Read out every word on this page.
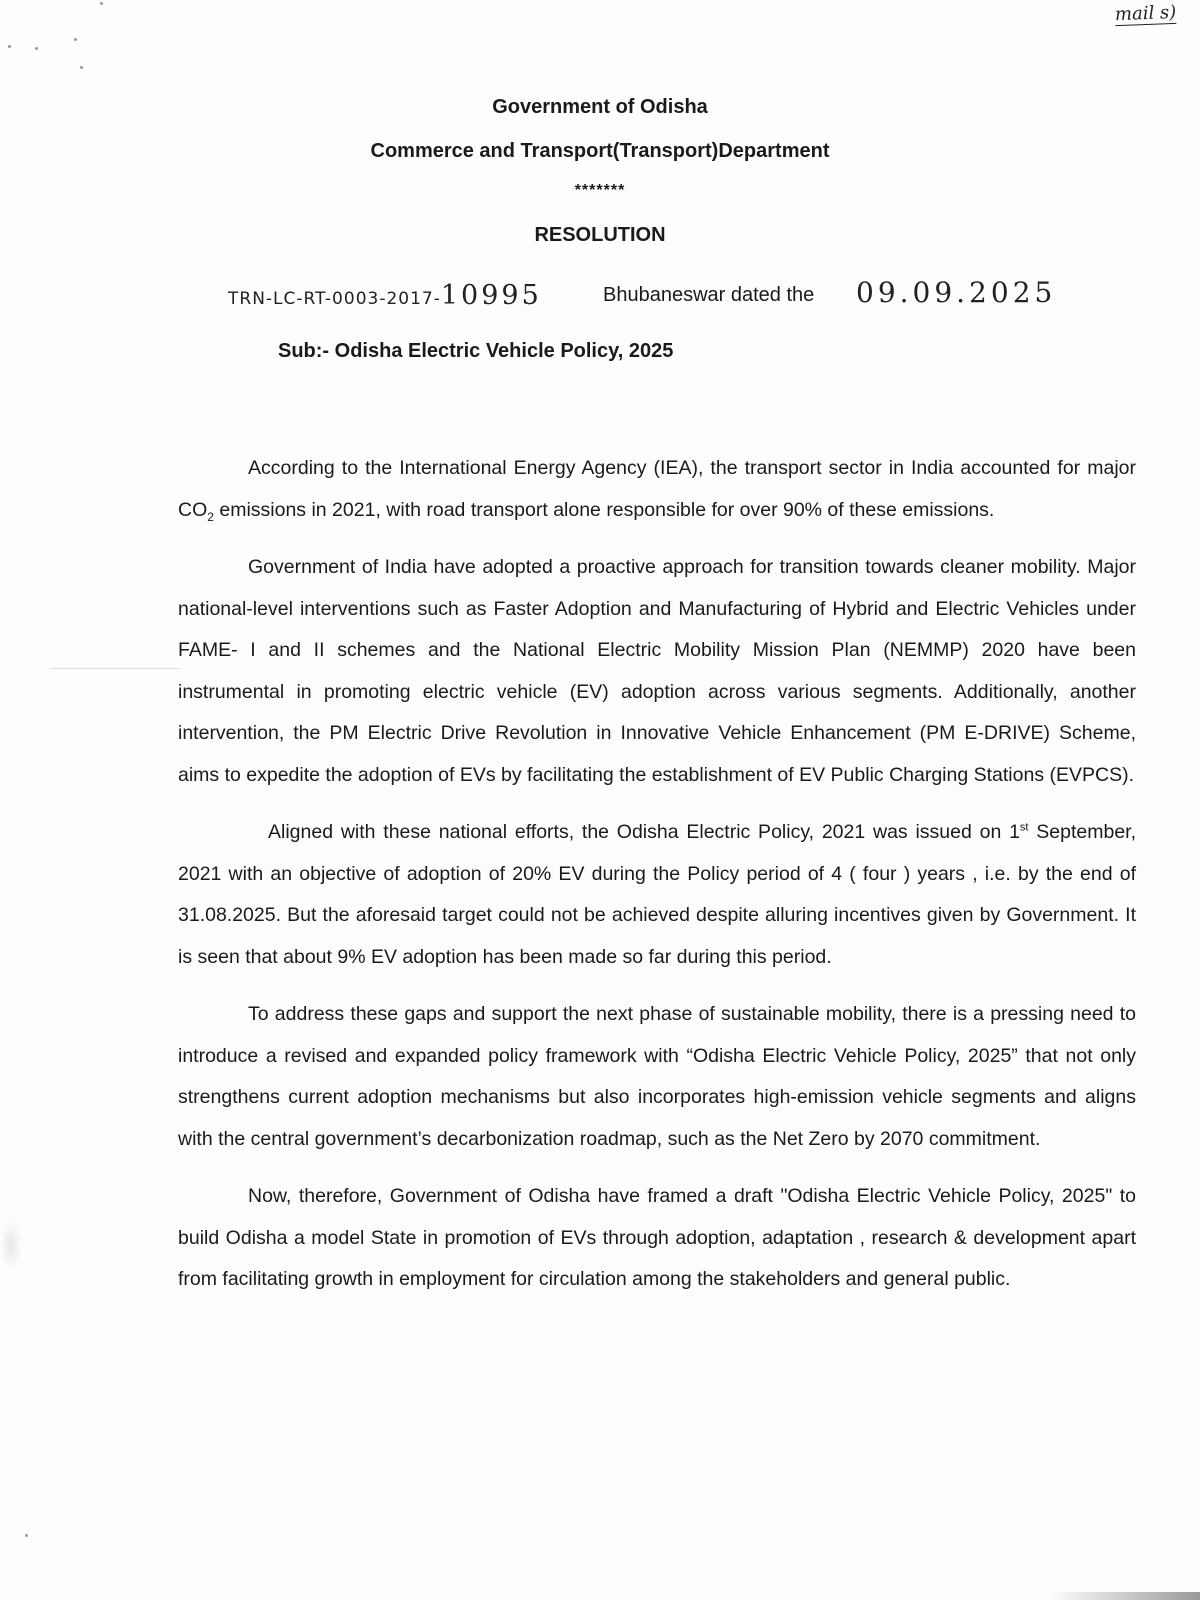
mail s)
Government of Odisha
Commerce and Transport(Transport)Department
*******
RESOLUTION
TRN-LC-RT-0003-2017-10995	Bhubaneswar dated the 09.09.2025
Sub:- Odisha Electric Vehicle Policy, 2025

According to the International Energy Agency (IEA), the transport sector in India accounted for major $CO_2$ emissions in 2021, with road transport alone responsible for over 90% of these emissions.

Government of India have adopted a proactive approach for transition towards cleaner mobility. Major national-level interventions such as Faster Adoption and Manufacturing of Hybrid and Electric Vehicles under FAME- I and II schemes and the National Electric Mobility Mission Plan (NEMMP) 2020 have been instrumental in promoting electric vehicle (EV) adoption across various segments. Additionally, another intervention, the PM Electric Drive Revolution in Innovative Vehicle Enhancement (PM E-DRIVE) Scheme, aims to expedite the adoption of EVs by facilitating the establishment of EV Public Charging Stations (EVPCS).

Aligned with these national efforts, the Odisha Electric Policy, 2021 was issued on 1st September, 2021 with an objective of adoption of 20% EV during the Policy period of 4 ( four ) years , i.e. by the end of 31.08.2025. But the aforesaid target could not be achieved despite alluring incentives given by Government. It is seen that about 9% EV adoption has been made so far during this period.

To address these gaps and support the next phase of sustainable mobility, there is a pressing need to introduce a revised and expanded policy framework with “Odisha Electric Vehicle Policy, 2025” that not only strengthens current adoption mechanisms but also incorporates high-emission vehicle segments and aligns with the central government’s decarbonization roadmap, such as the Net Zero by 2070 commitment.

Now, therefore, Government of Odisha have framed a draft "Odisha Electric Vehicle Policy, 2025" to build Odisha a model State in promotion of EVs through adoption, adaptation , research & development apart from facilitating growth in employment for circulation among the stakeholders and general public.
